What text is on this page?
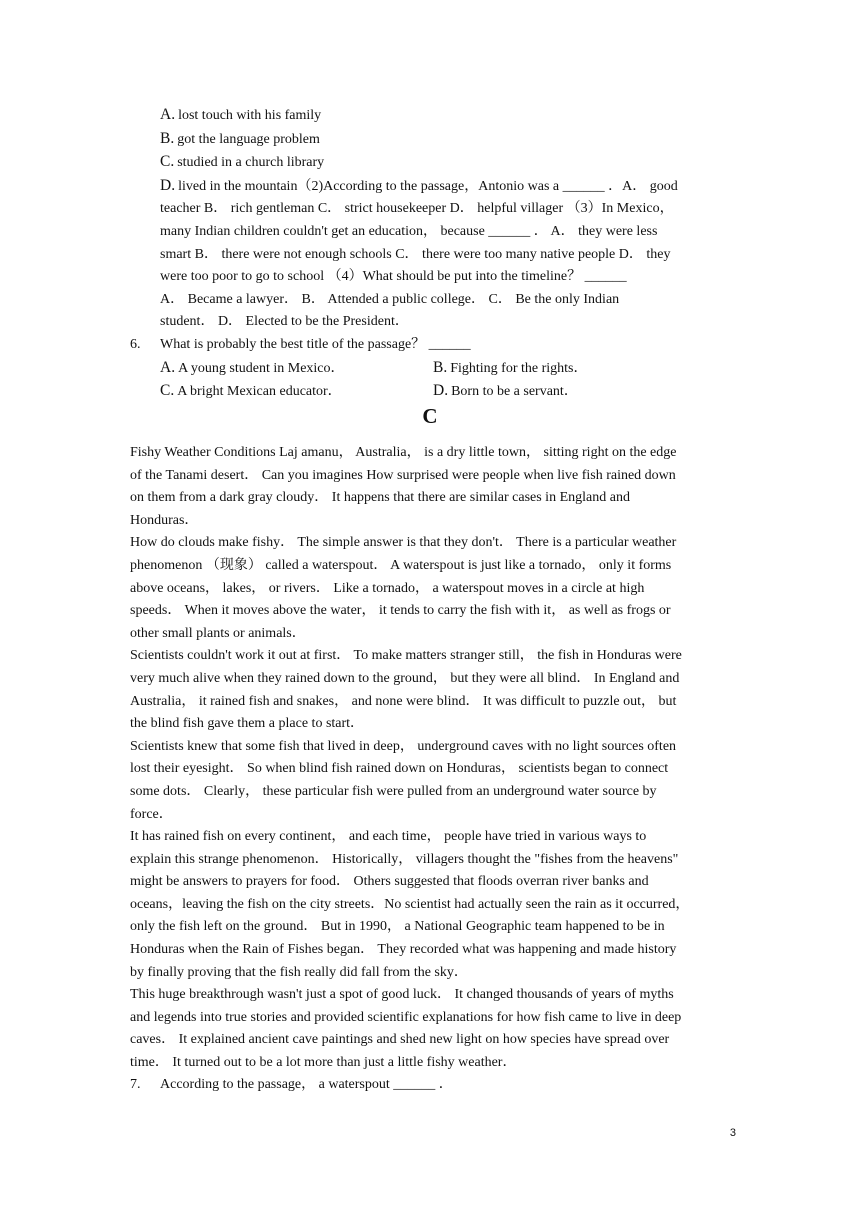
A. lost touch with his family
B. got the language problem
C. studied in a church library
D. lived in the mountain（2)According to the passage，Antonio was a ______ ．A． good
teacher B． rich gentleman C． strict housekeeper D． helpful villager （3）In Mexico，
many Indian children couldn't get an education， because ______ ． A． they were less
smart B． there were not enough schools C． there were too many native people D． they
were too poor to go to school （4）What should be put into the timeline？ ______
A． Became a lawyer． B． Attended a public college． C． Be the only Indian
student． D． Elected to be the President．
6. What is probably the best title of the passage？ ______
A. A young student in Mexico．	B. Fighting for the rights．
C. A bright Mexican educator．	D. Born to be a servant．
C
Fishy Weather Conditions Laj amanu， Australia， is a dry little town， sitting right on the edge
of the Tanami desert． Can you imagines How surprised were people when live fish rained down
on them from a dark gray cloudy． It happens that there are similar cases in England and
Honduras．
How do clouds make fishy． The simple answer is that they don't． There is a particular weather
phenomenon （现象） called a waterspout． A waterspout is just like a tornado， only it forms
above oceans， lakes， or rivers． Like a tornado， a waterspout moves in a circle at high
speeds． When it moves above the water， it tends to carry the fish with it， as well as frogs or
other small plants or animals．
Scientists couldn't work it out at first． To make matters stranger still， the fish in Honduras were
very much alive when they rained down to the ground， but they were all blind． In England and
Australia， it rained fish and snakes， and none were blind． It was difficult to puzzle out， but
the blind fish gave them a place to start．
Scientists knew that some fish that lived in deep， underground caves with no light sources often
lost their eyesight． So when blind fish rained down on Honduras， scientists began to connect
some dots． Clearly， these particular fish were pulled from an underground water source by
force．
It has rained fish on every continent， and each time， people have tried in various ways to
explain this strange phenomenon． Historically， villagers thought the "fishes from the heavens"
might be answers to prayers for food． Others suggested that floods overran river banks and
oceans，leaving the fish on the city streets．No scientist had actually seen the rain as it occurred，
only the fish left on the ground． But in 1990， a National Geographic team happened to be in
Honduras when the Rain of Fishes began． They recorded what was happening and made history
by finally proving that the fish really did fall from the sky．
This huge breakthrough wasn't just a spot of good luck． It changed thousands of years of myths
and legends into true stories and provided scientific explanations for how fish came to live in deep
caves． It explained ancient cave paintings and shed new light on how species have spread over
time． It turned out to be a lot more than just a little fishy weather．
7. According to the passage， a waterspout ______ ．
3
